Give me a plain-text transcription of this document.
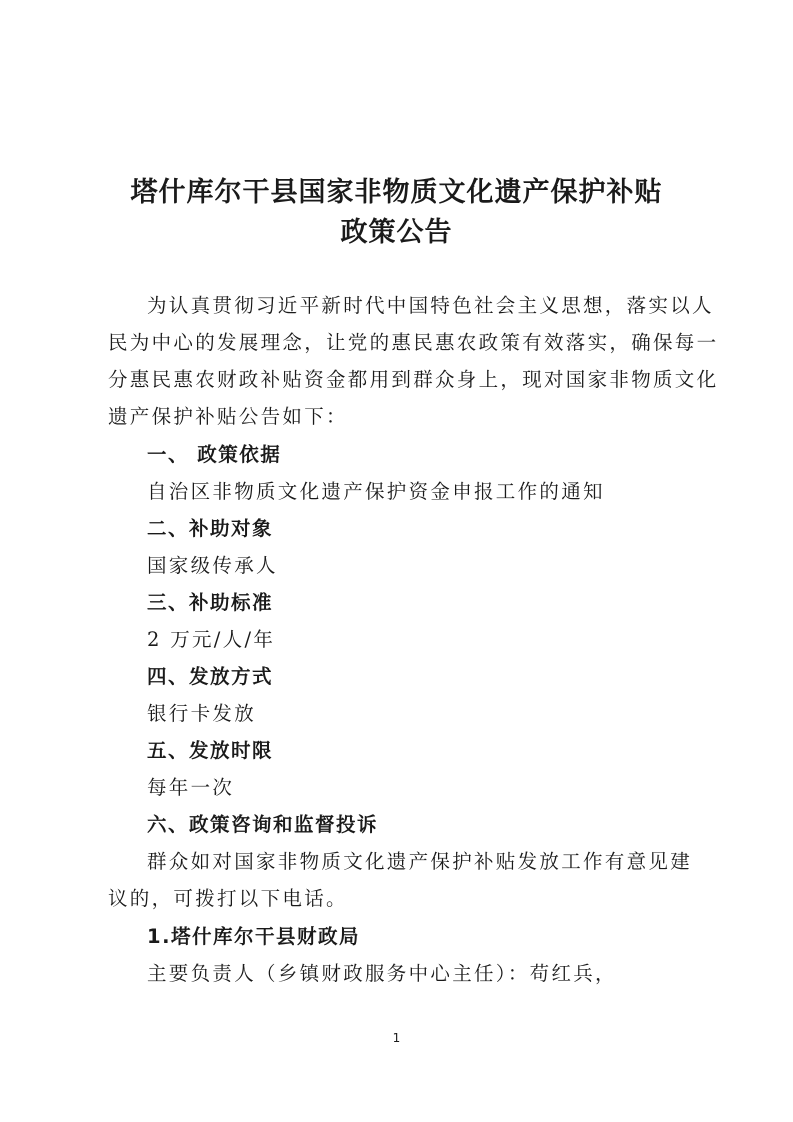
塔什库尔干县国家非物质文化遗产保护补贴
政策公告

为认真贯彻习近平新时代中国特色社会主义思想，落实以人

民为中心的发展理念，让党的惠民惠农政策有效落实，确保每一

分惠民惠农财政补贴资金都用到群众身上，现对国家非物质文化

遗产保护补贴公告如下：

一、 政策依据

自治区非物质文化遗产保护资金申报工作的通知

二、补助对象

国家级传承人

三、补助标准

2 万元/人/年

四、发放方式

银行卡发放

五、发放时限

每年一次

六、政策咨询和监督投诉

群众如对国家非物质文化遗产保护补贴发放工作有意见建

议的，可拨打以下电话。

1.塔什库尔干县财政局

主要负责人（乡镇财政服务中心主任）：苟红兵，

1
